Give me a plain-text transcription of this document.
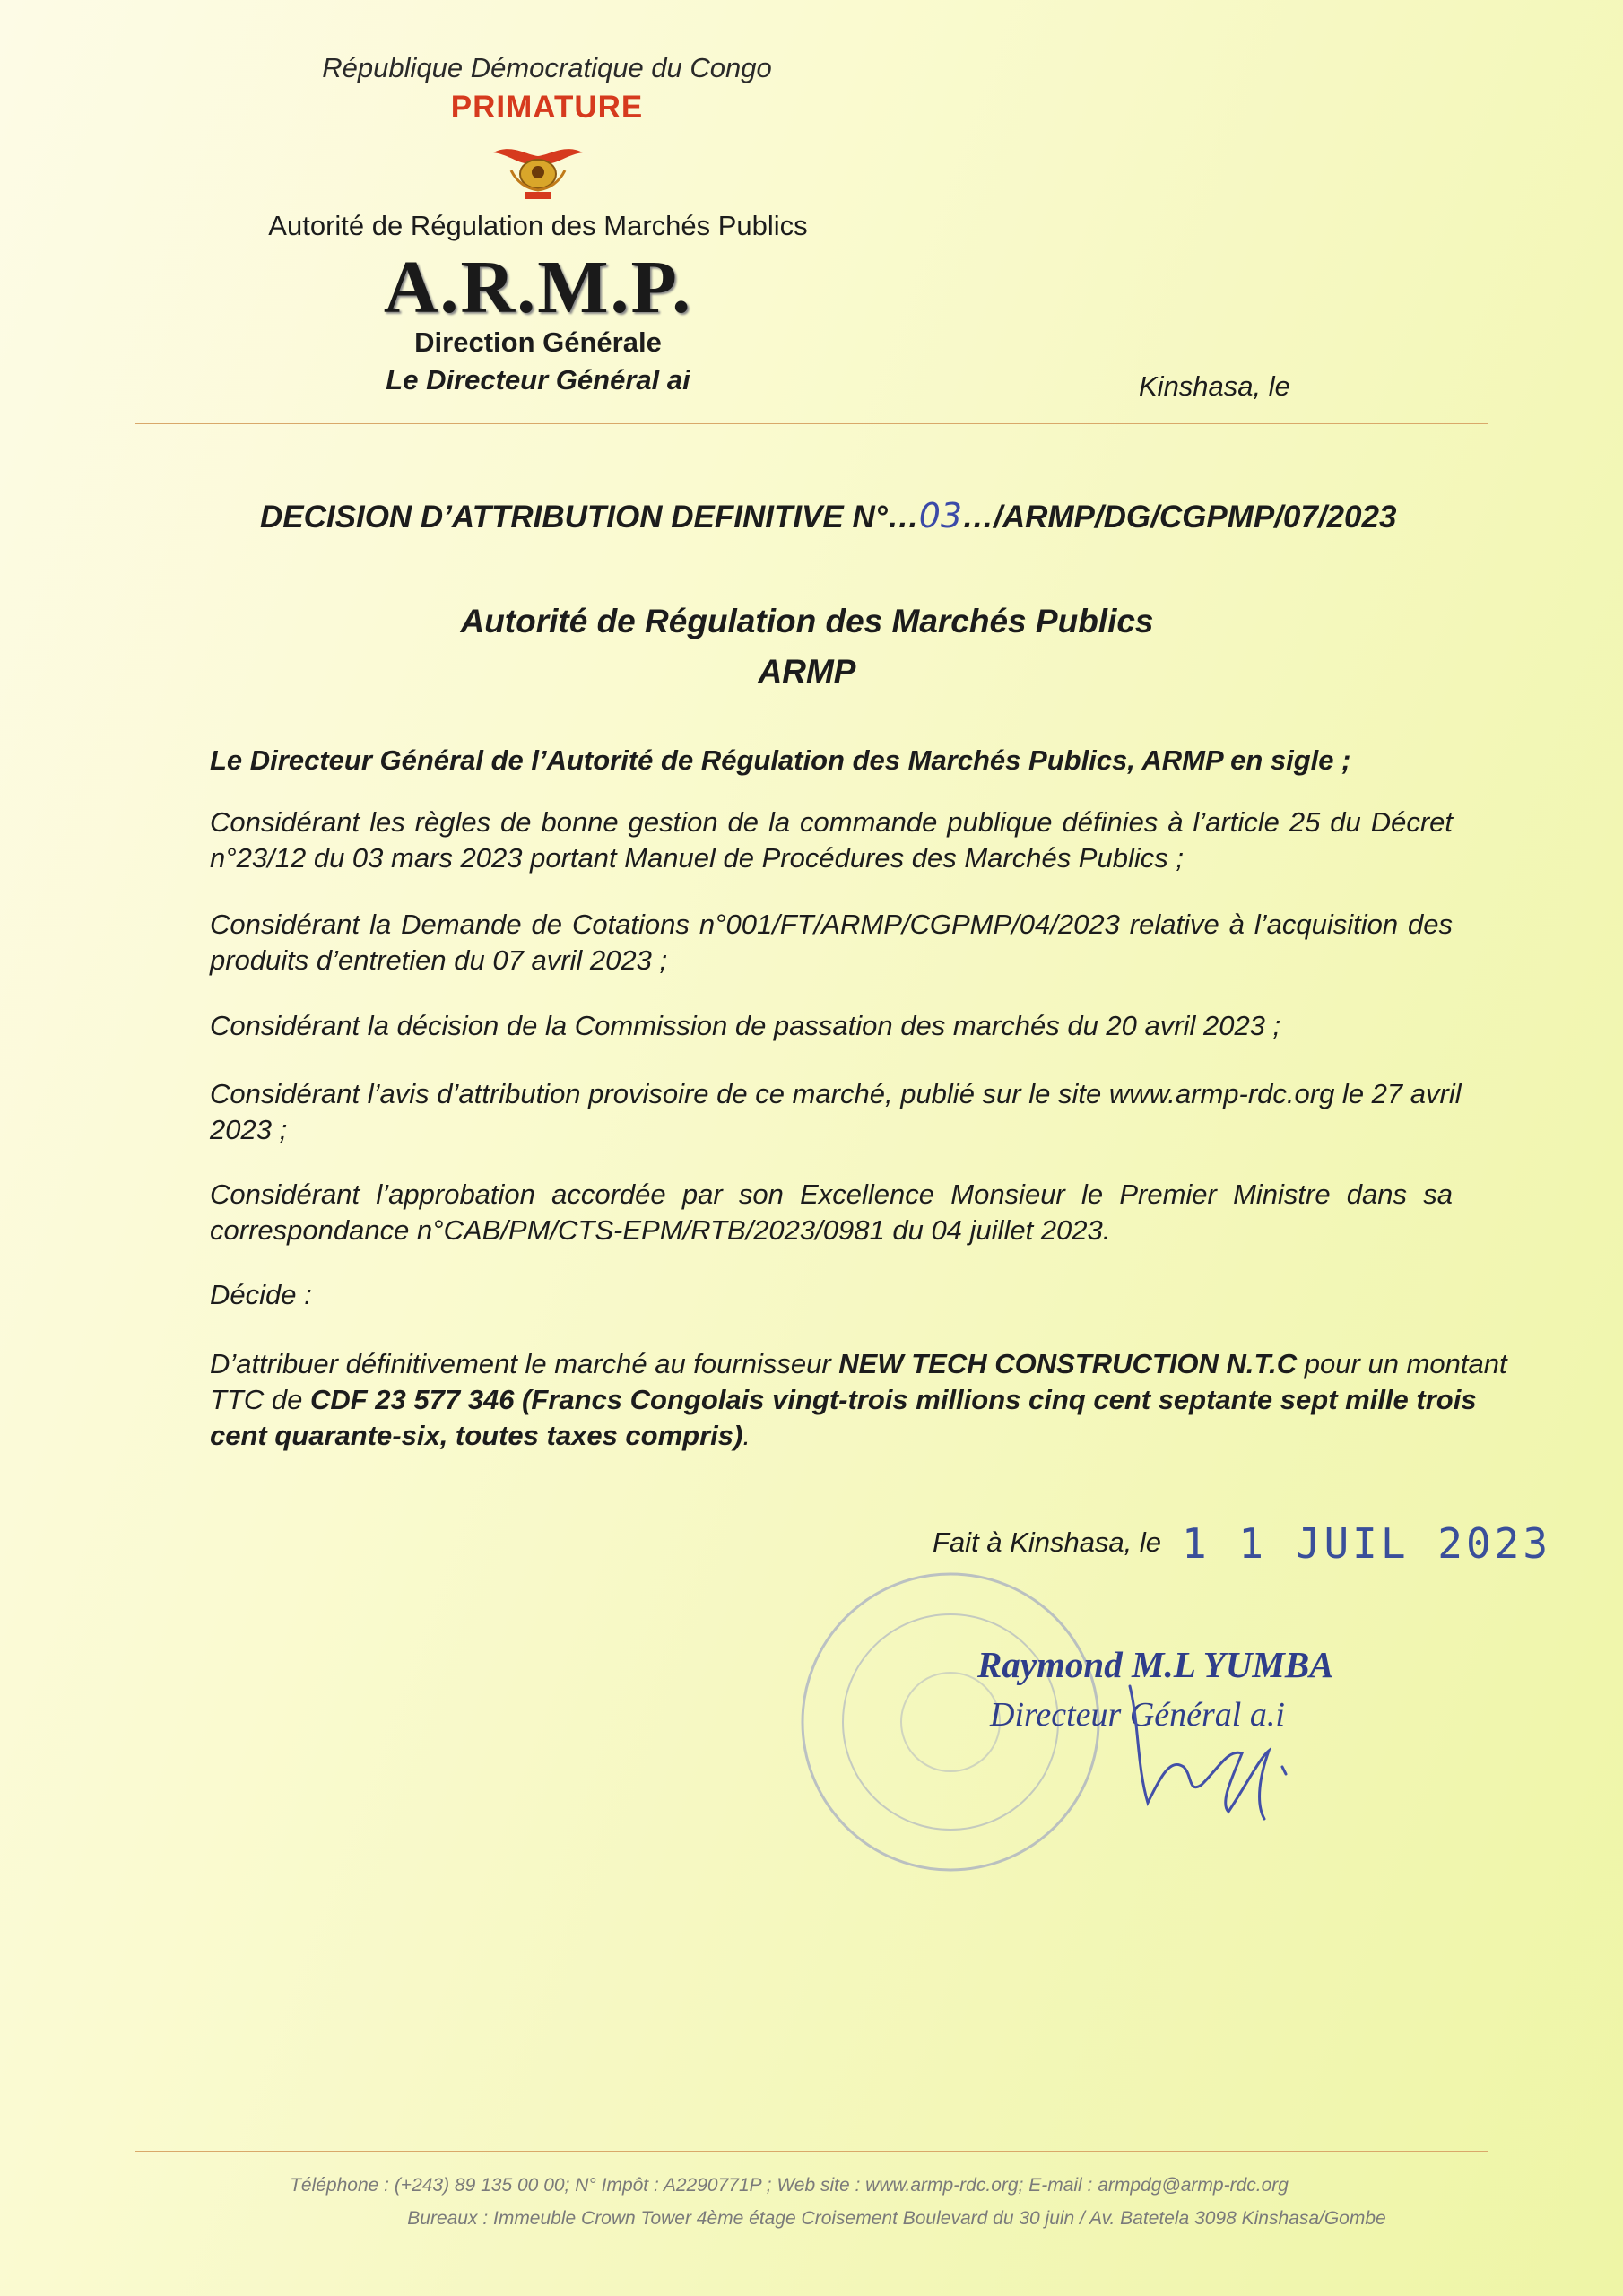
République Démocratique du Congo
PRIMATURE
Autorité de Régulation des Marchés Publics
A.R.M.P.
Direction Générale
Le Directeur Général ai	Kinshasa, le
DECISION D’ATTRIBUTION DEFINITIVE N°…03…/ARMP/DG/CGPMP/07/2023
Autorité de Régulation des Marchés Publics
ARMP
Le Directeur Général de l’Autorité de Régulation des Marchés Publics, ARMP en sigle ;
Considérant les règles de bonne gestion de la commande publique définies à l’article 25 du Décret
n°23/12 du 03 mars 2023 portant Manuel de Procédures des Marchés Publics ;
Considérant la Demande de Cotations n°001/FT/ARMP/CGPMP/04/2023 relative à l’acquisition des
produits d’entretien du 07 avril 2023 ;
Considérant la décision de la Commission de passation des marchés du 20 avril 2023 ;
Considérant l’avis d’attribution provisoire de ce marché, publié sur le site www.armp-rdc.org le 27 avril
2023 ;
Considérant l’approbation accordée par son Excellence Monsieur le Premier Ministre dans sa
correspondance n°CAB/PM/CTS-EPM/RTB/2023/0981 du 04 juillet 2023.
Décide :
D’attribuer définitivement le marché au fournisseur NEW TECH CONSTRUCTION N.T.C pour un montant
TTC de CDF 23 577 346 (Francs Congolais vingt-trois millions cinq cent septante sept mille trois
cent quarante-six, toutes taxes compris).
Fait à Kinshasa, le 1 1 JUIL 2023
Raymond M.L YUMBA
Directeur Général a.i
Téléphone : (+243) 89 135 00 00; N° Impôt : A2290771P ; Web site : www.armp-rdc.org; E-mail : armpdg@armp-rdc.org
Bureaux : Immeuble Crown Tower 4ème étage Croisement Boulevard du 30 juin / Av. Batetela 3098 Kinshasa/Gombe
